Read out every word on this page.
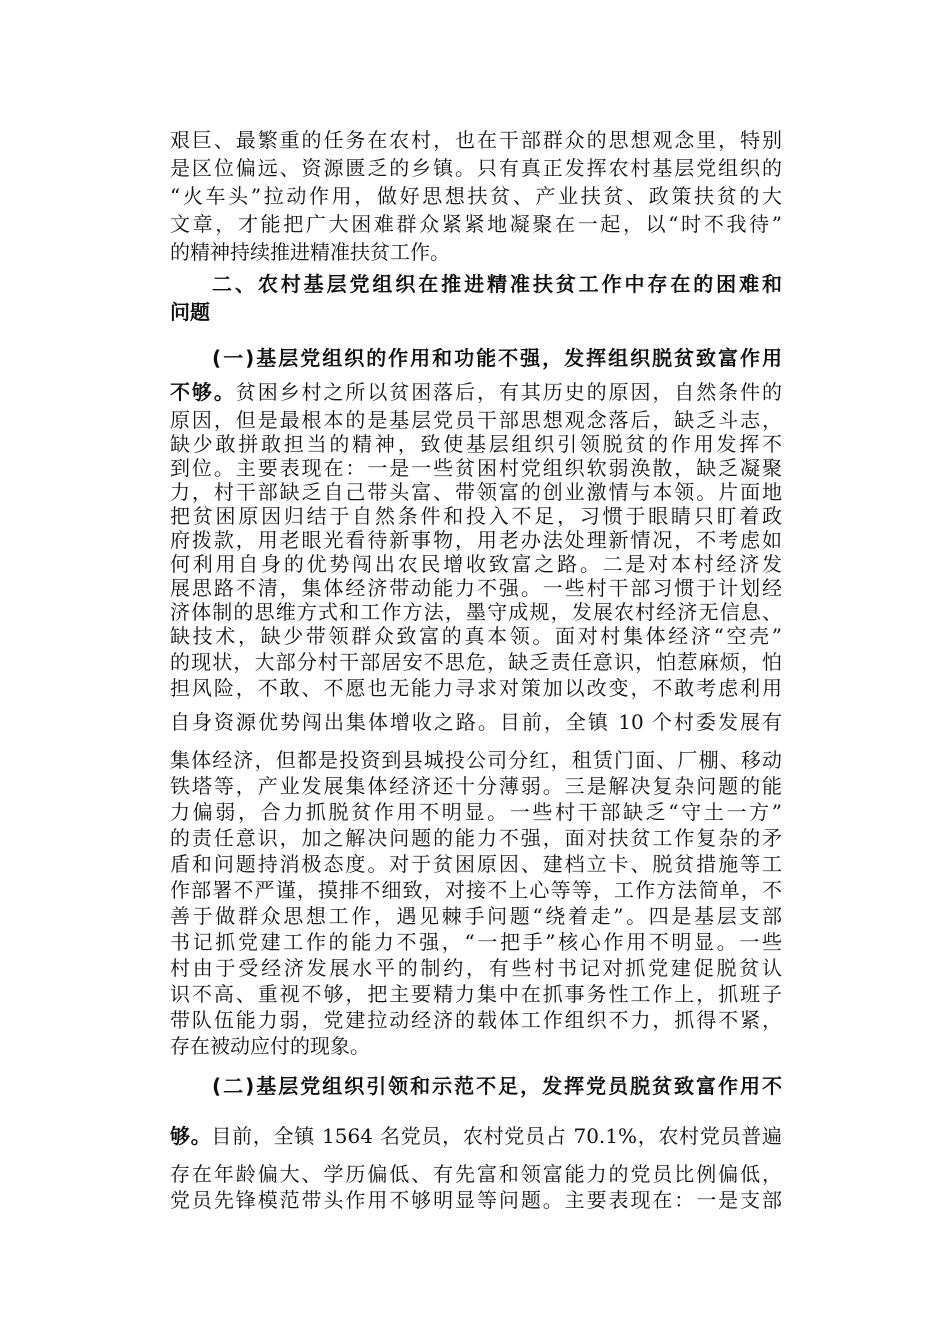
艰巨、最繁重的任务在农村，也在干部群众的思想观念里，特别
是区位偏远、资源匮乏的乡镇。只有真正发挥农村基层党组织的
“火车头”拉动作用，做好思想扶贫、产业扶贫、政策扶贫的大
文章，才能把广大困难群众紧紧地凝聚在一起，以“时不我待”
的精神持续推进精准扶贫工作。
二、农村基层党组织在推进精准扶贫工作中存在的困难和
问题
(一)基层党组织的作用和功能不强，发挥组织脱贫致富作用
不够。贫困乡村之所以贫困落后，有其历史的原因，自然条件的
原因，但是最根本的是基层党员干部思想观念落后，缺乏斗志，
缺少敢拼敢担当的精神，致使基层组织引领脱贫的作用发挥不
到位。主要表现在：一是一些贫困村党组织软弱涣散，缺乏凝聚
力，村干部缺乏自己带头富、带领富的创业激情与本领。片面地
把贫困原因归结于自然条件和投入不足，习惯于眼睛只盯着政
府拨款，用老眼光看待新事物，用老办法处理新情况，不考虑如
何利用自身的优势闯出农民增收致富之路。二是对本村经济发
展思路不清，集体经济带动能力不强。一些村干部习惯于计划经
济体制的思维方式和工作方法，墨守成规，发展农村经济无信息、
缺技术，缺少带领群众致富的真本领。面对村集体经济“空壳”
的现状，大部分村干部居安不思危，缺乏责任意识，怕惹麻烦，怕
担风险，不敢、不愿也无能力寻求对策加以改变，不敢考虑利用
自身资源优势闯出集体增收之路。目前，全镇 10 个村委发展有
集体经济，但都是投资到县城投公司分红，租赁门面、厂棚、移动
铁塔等，产业发展集体经济还十分薄弱。三是解决复杂问题的能
力偏弱，合力抓脱贫作用不明显。一些村干部缺乏“守土一方”
的责任意识，加之解决问题的能力不强，面对扶贫工作复杂的矛
盾和问题持消极态度。对于贫困原因、建档立卡、脱贫措施等工
作部署不严谨，摸排不细致，对接不上心等等，工作方法简单，不
善于做群众思想工作，遇见棘手问题“绕着走”。四是基层支部
书记抓党建工作的能力不强，“一把手”核心作用不明显。一些
村由于受经济发展水平的制约，有些村书记对抓党建促脱贫认
识不高、重视不够，把主要精力集中在抓事务性工作上，抓班子
带队伍能力弱，党建拉动经济的载体工作组织不力，抓得不紧，
存在被动应付的现象。
(二)基层党组织引领和示范不足，发挥党员脱贫致富作用不
够。目前，全镇 1564 名党员，农村党员占 70.1%，农村党员普遍
存在年龄偏大、学历偏低、有先富和领富能力的党员比例偏低，
党员先锋模范带头作用不够明显等问题。主要表现在：一是支部
